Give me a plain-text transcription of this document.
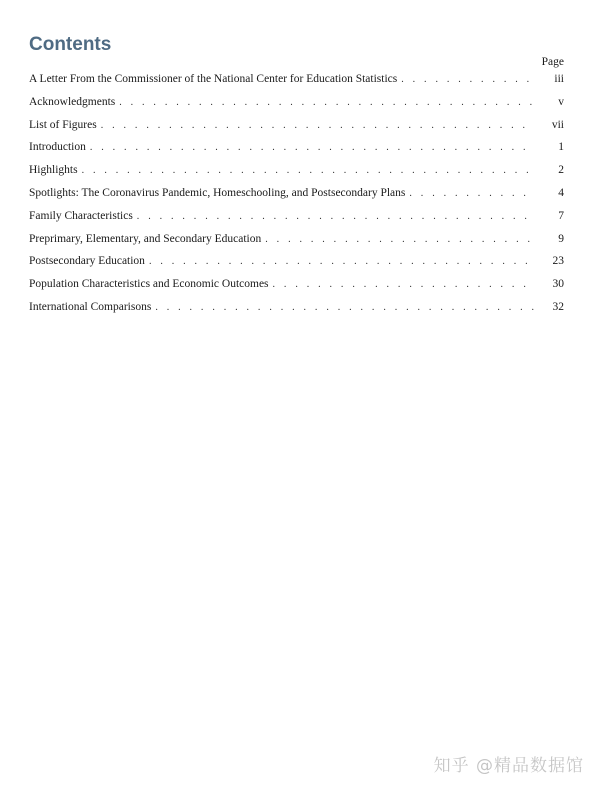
Contents
Page
A Letter From the Commissioner of the National Center for Education Statistics . . .	iii
Acknowledgments . . .	v
List of Figures . . .	vii
Introduction . . .	1
Highlights . . .	2
Spotlights: The Coronavirus Pandemic, Homeschooling, and Postsecondary Plans . . .	4
Family Characteristics . . .	7
Preprimary, Elementary, and Secondary Education . . .	9
Postsecondary Education . . .	23
Population Characteristics and Economic Outcomes . . .	30
International Comparisons . . .	32
知乎 @精品数据馆
